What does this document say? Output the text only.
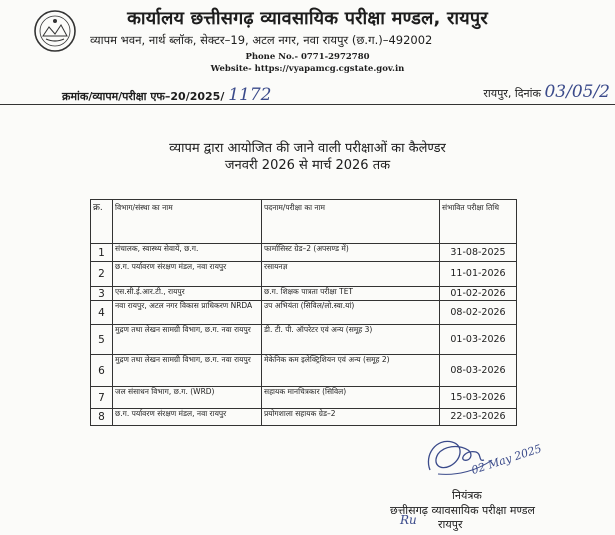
कार्यालय छत्तीसगढ़ व्यावसायिक परीक्षा मण्डल, रायपुर
व्यापम भवन, नार्थ ब्लॉक, सेक्टर–19, अटल नगर, नवा रायपुर (छ.ग.)–492002
Phone No.- 0771-2972780
Website- https://vyapamcg.cgstate.gov.in
क्रमांक/व्यापम/परीक्षा एफ–20/2025/ 1172	रायपुर, दिनांक 03/05/2
व्यापम द्वारा आयोजित की जाने वाली परीक्षाओं का कैलेण्डर
जनवरी 2026 से मार्च 2026 तक
क्र.	विभाग/संस्था का नाम	पदनाम/परीक्षा का नाम	संभावित परीक्षा तिथि
1	संचालक, स्वास्थ्य सेवायें, छ.ग.	फार्मासिस्ट ग्रेड–2 (अपसण्ड में)	31-08-2025
2	छ.ग. पर्यावरण संरक्षण मंडल, नवा रायपुर	रसायनज्ञ	11-01-2026
3	एस.सी.ई.आर.टी., रायपुर	छ.ग. शिक्षक पात्रता परीक्षा TET	01-02-2026
4	नवा रायपुर, अटल नगर विकास प्राधिकरण NRDA	उप अभियंता (सिविल/लो.स्वा.यां)	08-02-2026
5	मुद्रण तथा लेखन सामग्री विभाग, छ.ग. नवा रायपुर	डी. टी. पी. ऑपरेटर एवं अन्य (समूह 3)	01-03-2026
6	मुद्रण तथा लेखन सामग्री विभाग, छ.ग. नवा रायपुर	मेकेनिक कम इलेक्ट्रिशियन एवं अन्य (समूह 2)	08-03-2026
7	जल संसाधन विभाग, छ.ग. (WRD)	सहायक मानचित्रकार (सिविल)	15-03-2026
8	छ.ग. पर्यावरण संरक्षण मंडल, नवा रायपुर	प्रयोगशाला सहायक ग्रेड–2	22-03-2026
02 May 2025
नियंत्रक
छत्तीसगढ़ व्यावसायिक परीक्षा मण्डल
Ru रायपुर
